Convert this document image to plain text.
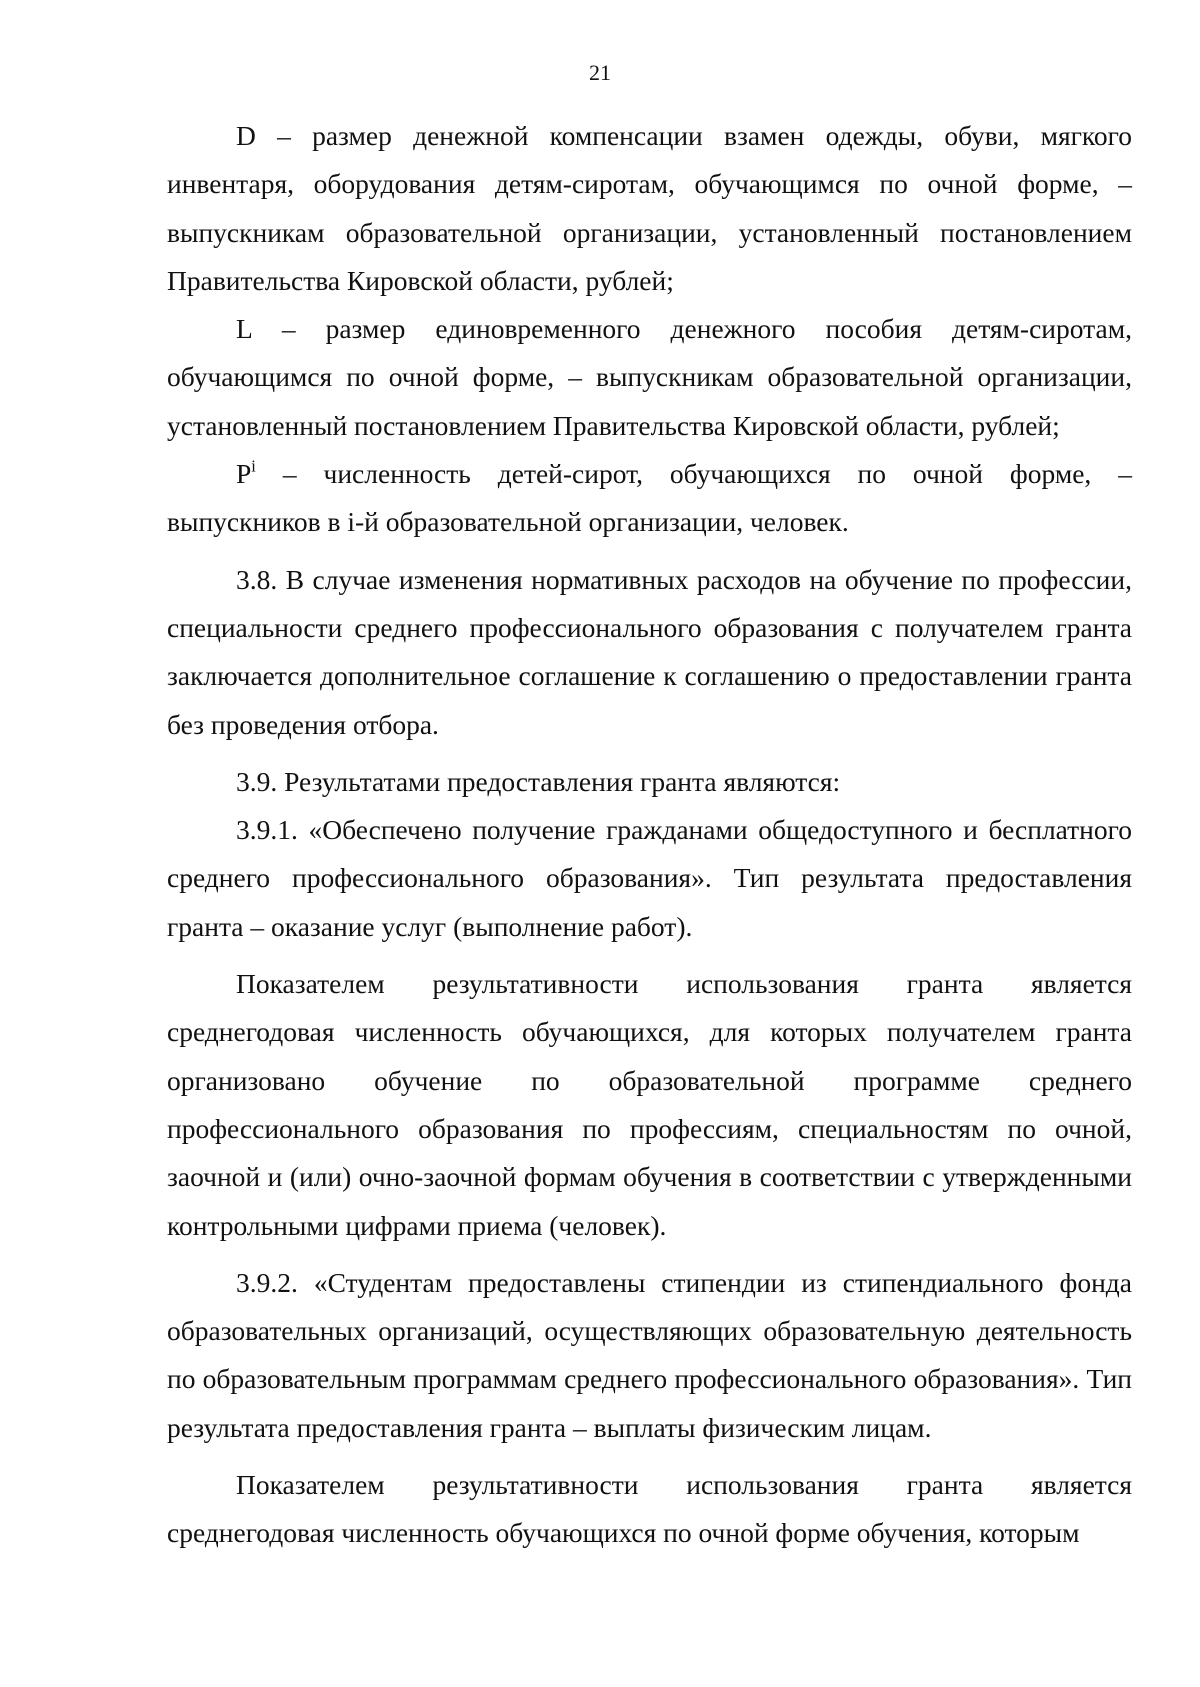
21

D – размер денежной компенсации взамен одежды, обуви, мягкого инвентаря, оборудования детям-сиротам, обучающимся по очной форме, – выпускникам образовательной организации, установленный постановлением Правительства Кировской области, рублей;

L – размер единовременного денежного пособия детям-сиротам, обучающимся по очной форме, – выпускникам образовательной организации, установленный постановлением Правительства Кировской области, рублей;

$P^i$ – численность детей-сирот, обучающихся по очной форме, – выпускников в i-й образовательной организации, человек.

3.8. В случае изменения нормативных расходов на обучение по профессии, специальности среднего профессионального образования с получателем гранта заключается дополнительное соглашение к соглашению о предоставлении гранта без проведения отбора.

3.9. Результатами предоставления гранта являются:

3.9.1. «Обеспечено получение гражданами общедоступного и бесплатного среднего профессионального образования». Тип результата предоставления гранта – оказание услуг (выполнение работ).

Показателем результативности использования гранта является среднегодовая численность обучающихся, для которых получателем гранта организовано обучение по образовательной программе среднего профессионального образования по профессиям, специальностям по очной, заочной и (или) очно-заочной формам обучения в соответствии с утвержденными контрольными цифрами приема (человек).

3.9.2. «Студентам предоставлены стипендии из стипендиального фонда образовательных организаций, осуществляющих образовательную деятельность по образовательным программам среднего профессионального образования». Тип результата предоставления гранта – выплаты физическим лицам.

Показателем результативности использования гранта является среднегодовая численность обучающихся по очной форме обучения, которым
